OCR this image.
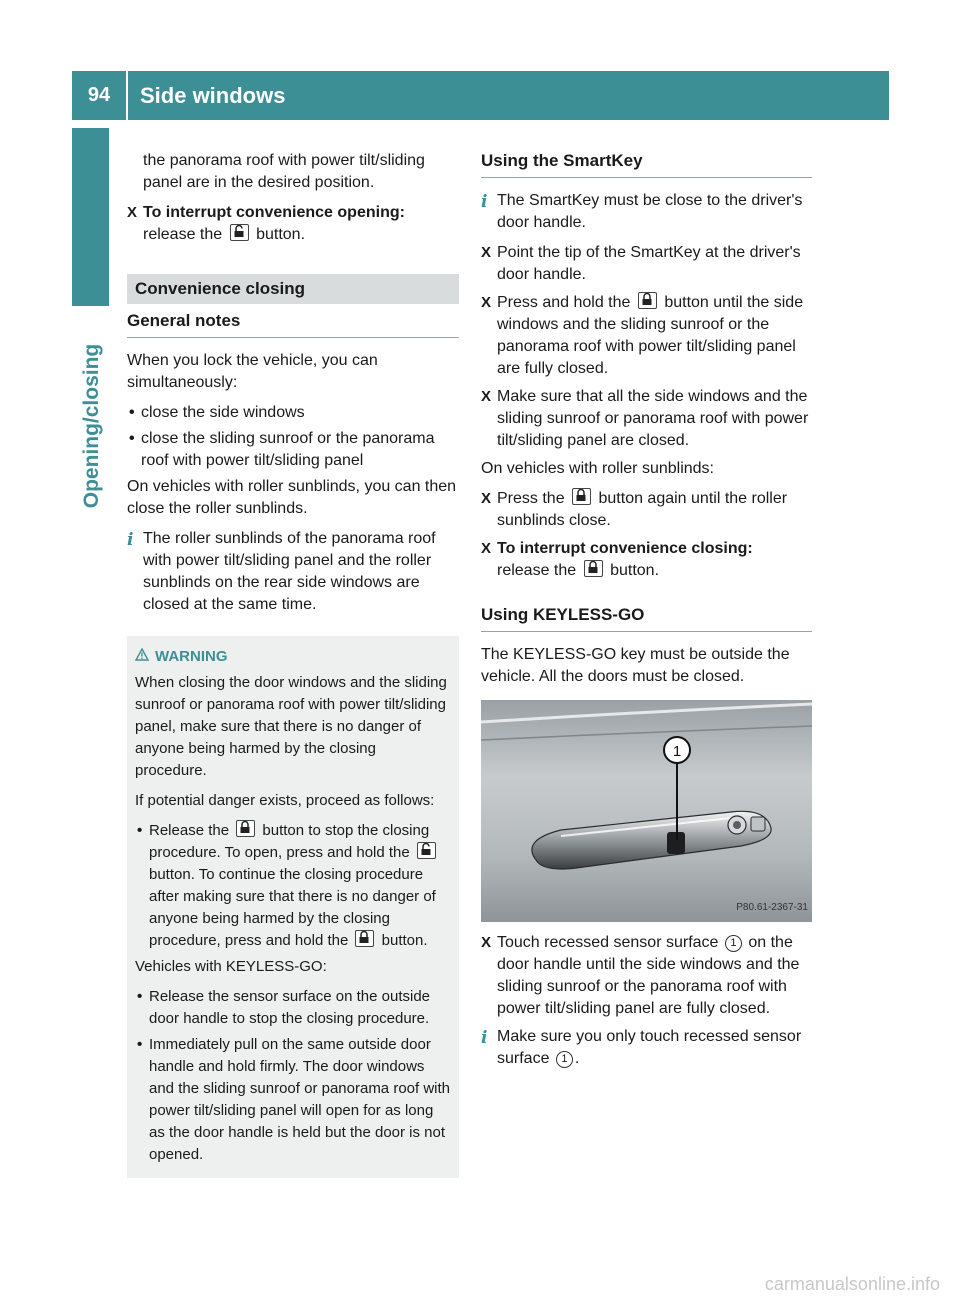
94	Side windows
Opening/closing

the panorama roof with power tilt/sliding panel are in the desired position.

X To interrupt convenience opening:
release the button.
Convenience closing
General notes

When you lock the vehicle, you can simultaneously:

• close the side windows
• close the sliding sunroof or the panorama roof with power tilt/sliding panel

On vehicles with roller sunblinds, you can then close the roller sunblinds.

i The roller sunblinds of the panorama roof with power tilt/sliding panel and the roller sunblinds on the rear side windows are closed at the same time.
WARNING

When closing the door windows and the sliding sunroof or panorama roof with power tilt/sliding panel, make sure that there is no danger of anyone being harmed by the closing procedure.

If potential danger exists, proceed as follows:

• Release the button to stop the closing procedure. To open, press and hold the
button. To continue the closing procedure after making sure that there is no danger of anyone being harmed by the closing procedure, press and hold the button.

Vehicles with KEYLESS-GO:

• Release the sensor surface on the outside door handle to stop the closing procedure.
• Immediately pull on the same outside door handle and hold firmly. The door windows and the sliding sunroof or panorama roof with power tilt/sliding panel will open for as long as the door handle is held but the door is not opened.
Using the SmartKey
i The SmartKey must be close to the driver's door handle.
X Point the tip of the SmartKey at the driver's door handle.
X Press and hold the button until the side windows and the sliding sunroof or the panorama roof with power tilt/sliding panel are fully closed.
X Make sure that all the side windows and the sliding sunroof or panorama roof with power tilt/sliding panel are closed.

On vehicles with roller sunblinds:

X Press the button again until the roller sunblinds close.
X To interrupt convenience closing:
release the button.
Using KEYLESS-GO

The KEYLESS-GO key must be outside the vehicle. All the doors must be closed.

1
P80.61-2367-31
X Touch recessed sensor surface 1 on the door handle until the side windows and the sliding sunroof or the panorama roof with power tilt/sliding panel are fully closed.
i Make sure you only touch recessed sensor surface 1 .
carmanualsonline.info
